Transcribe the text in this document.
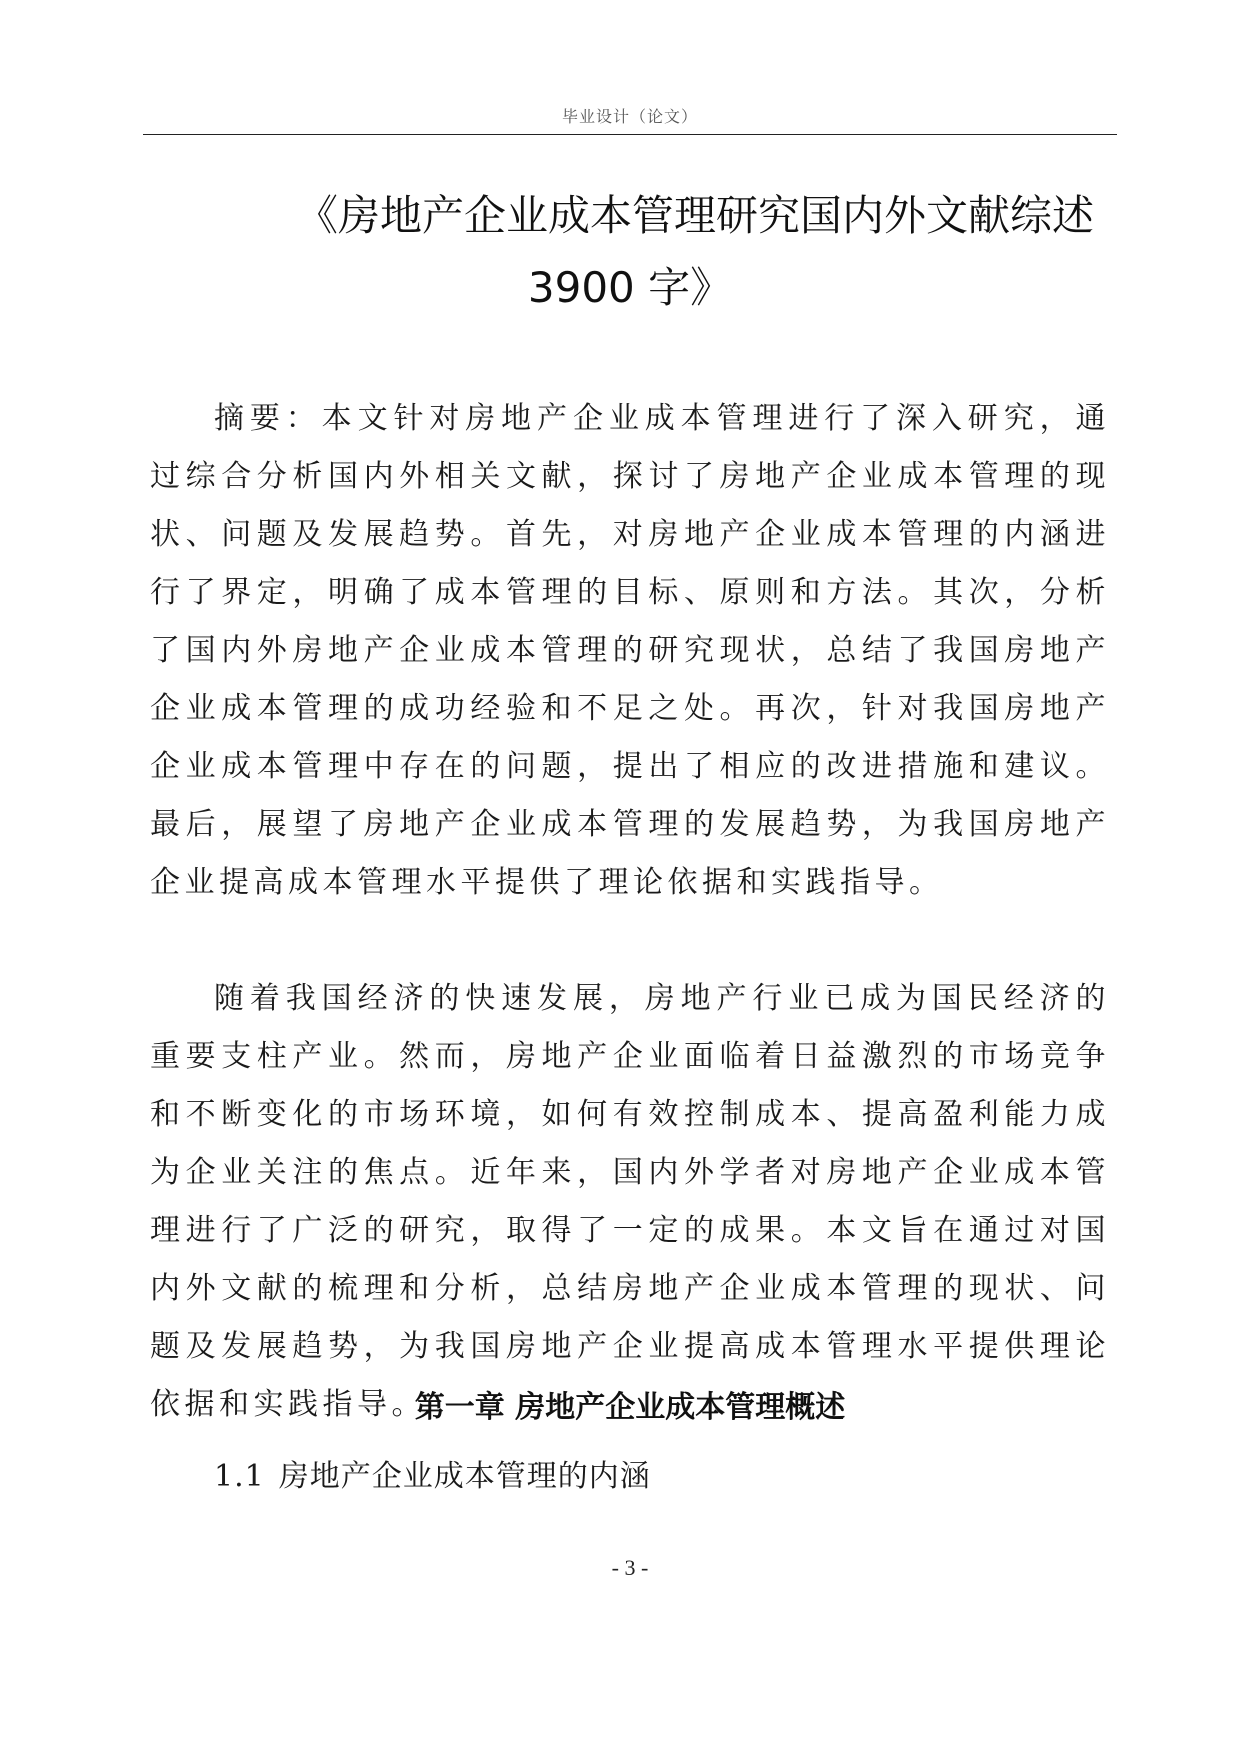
毕业设计（论文）
《房地产企业成本管理研究国内外文献综述
3900 字》

摘要：本文针对房地产企业成本管理进行了深入研究，通过综合分析国内外相关文献，探讨了房地产企业成本管理的现状、问题及发展趋势。首先，对房地产企业成本管理的内涵进行了界定，明确了成本管理的目标、原则和方法。其次，分析了国内外房地产企业成本管理的研究现状，总结了我国房地产企业成本管理的成功经验和不足之处。再次，针对我国房地产企业成本管理中存在的问题，提出了相应的改进措施和建议。最后，展望了房地产企业成本管理的发展趋势，为我国房地产企业提高成本管理水平提供了理论依据和实践指导。

随着我国经济的快速发展，房地产行业已成为国民经济的重要支柱产业。然而，房地产企业面临着日益激烈的市场竞争和不断变化的市场环境，如何有效控制成本、提高盈利能力成为企业关注的焦点。近年来，国内外学者对房地产企业成本管理进行了广泛的研究，取得了一定的成果。本文旨在通过对国内外文献的梳理和分析，总结房地产企业成本管理的现状、问题及发展趋势，为我国房地产企业提高成本管理水平提供理论依据和实践指导。

第一章 房地产企业成本管理概述
1.1 房地产企业成本管理的内涵
- 3 -
